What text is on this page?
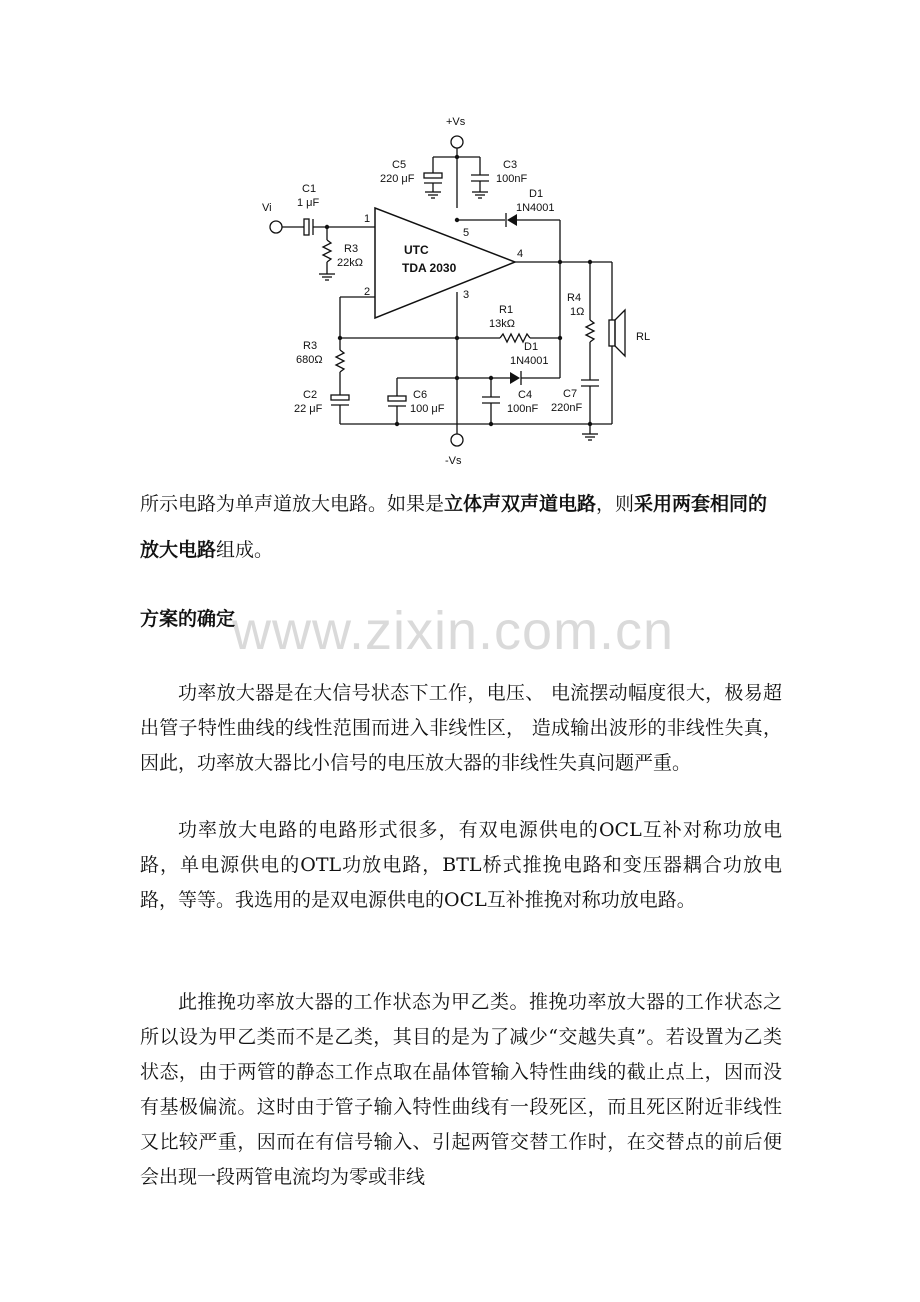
C5
220 μF
C3
100nF
+Vs
D1
1N4001
Vi
C1
1 μF
R3
22kΩ
UTC
TDA 2030
1
2	3
4
5
R1
13kΩ
-Vs
R3
680Ω
C2
22 μF
C6
100 μF
C4
100nF
D1
1N4001
R4
1Ω
C7
220nF
RL

所示电路为单声道放大电路。如果是立体声双声道电路，则采用两套相同的放大电路组成。

www.zixin.com.cn
方案的确定

功率放大器是在大信号状态下工作，电压、 电流摆动幅度很大，极易超出管子特性曲线的线性范围而进入非线性区， 造成输出波形的非线性失真，因此，功率放大器比小信号的电压放大器的非线性失真问题严重。

功率放大电路的电路形式很多，有双电源供电的OCL互补对称功放电路，单电源供电的OTL功放电路，BTL桥式推挽电路和变压器耦合功放电路，等等。我选用的是双电源供电的OCL互补推挽对称功放电路。

此推挽功率放大器的工作状态为甲乙类。推挽功率放大器的工作状态之所以设为甲乙类而不是乙类，其目的是为了减少“交越失真”。若设置为乙类状态，由于两管的静态工作点取在晶体管输入特性曲线的截止点上，因而没有基极偏流。这时由于管子输入特性曲线有一段死区，而且死区附近非线性又比较严重，因而在有信号输入、引起两管交替工作时，在交替点的前后便会出现一段两管电流均为零或非线
